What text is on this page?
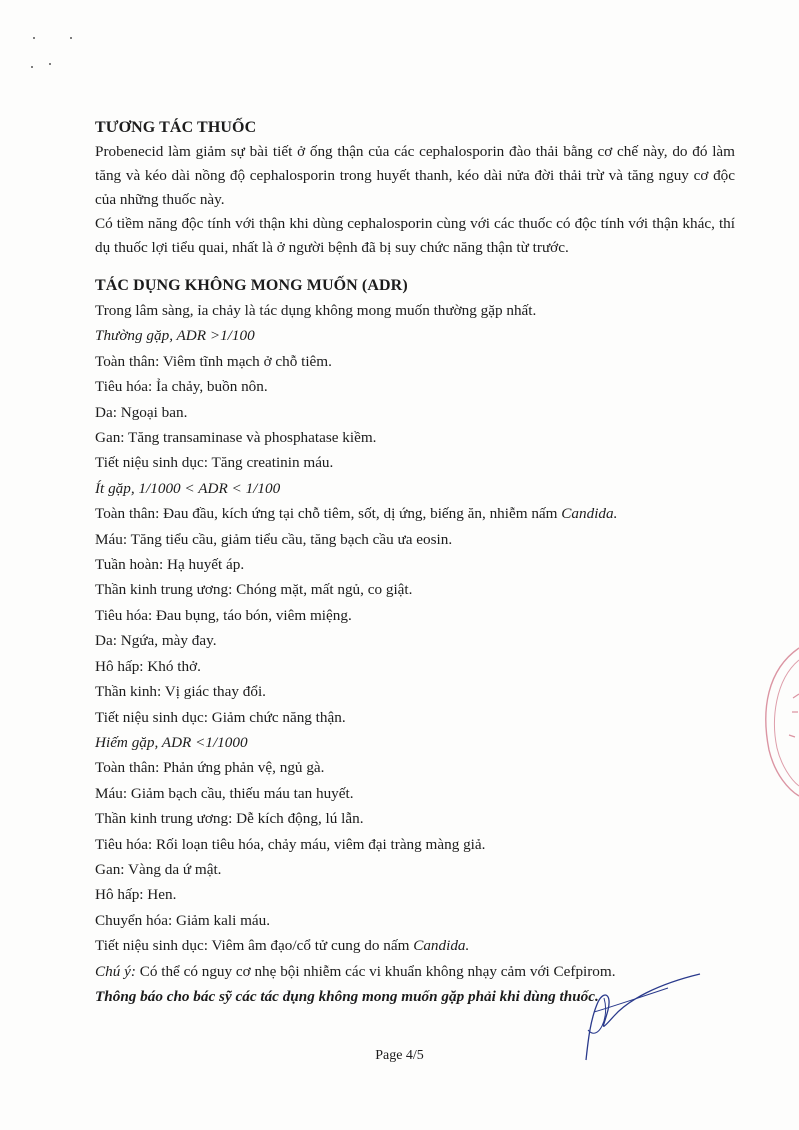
TƯƠNG TÁC THUỐC

Probenecid làm giảm sự bài tiết ở ống thận của các cephalosporin đào thải bằng cơ chế này, do đó làm tăng và kéo dài nồng độ cephalosporin trong huyết thanh, kéo dài nửa đời thải trừ và tăng nguy cơ độc của những thuốc này.

Có tiềm năng độc tính với thận khi dùng cephalosporin cùng với các thuốc có độc tính với thận khác, thí dụ thuốc lợi tiểu quai, nhất là ở người bệnh đã bị suy chức năng thận từ trước.

TÁC DỤNG KHÔNG MONG MUỐN (ADR)
Trong lâm sàng, ỉa chảy là tác dụng không mong muốn thường gặp nhất.
Thường gặp, ADR >1/100
Toàn thân: Viêm tĩnh mạch ở chỗ tiêm.
Tiêu hóa: Ỉa chảy, buồn nôn.
Da: Ngoại ban.
Gan: Tăng transaminase và phosphatase kiềm.
Tiết niệu sinh dục: Tăng creatinin máu.
Ít gặp, 1/1000 < ADR < 1/100
Toàn thân: Đau đầu, kích ứng tại chỗ tiêm, sốt, dị ứng, biếng ăn, nhiễm nấm Candida.
Máu: Tăng tiểu cầu, giảm tiểu cầu, tăng bạch cầu ưa eosin.
Tuần hoàn: Hạ huyết áp.
Thần kinh trung ương: Chóng mặt, mất ngủ, co giật.
Tiêu hóa: Đau bụng, táo bón, viêm miệng.
Da: Ngứa, mày đay.
Hô hấp: Khó thở.
Thần kinh: Vị giác thay đổi.
Tiết niệu sinh dục: Giảm chức năng thận.
Hiếm gặp, ADR <1/1000
Toàn thân: Phản ứng phản vệ, ngủ gà.
Máu: Giảm bạch cầu, thiếu máu tan huyết.
Thần kinh trung ương: Dễ kích động, lú lẫn.
Tiêu hóa: Rối loạn tiêu hóa, chảy máu, viêm đại tràng màng giả.
Gan: Vàng da ứ mật.
Hô hấp: Hen.
Chuyển hóa: Giảm kali máu.
Tiết niệu sinh dục: Viêm âm đạo/cổ tử cung do nấm Candida.
Chú ý: Có thể có nguy cơ nhẹ bội nhiễm các vi khuẩn không nhạy cảm với Cefpirom.
Thông báo cho bác sỹ các tác dụng không mong muốn gặp phải khi dùng thuốc.
Page 4/5
